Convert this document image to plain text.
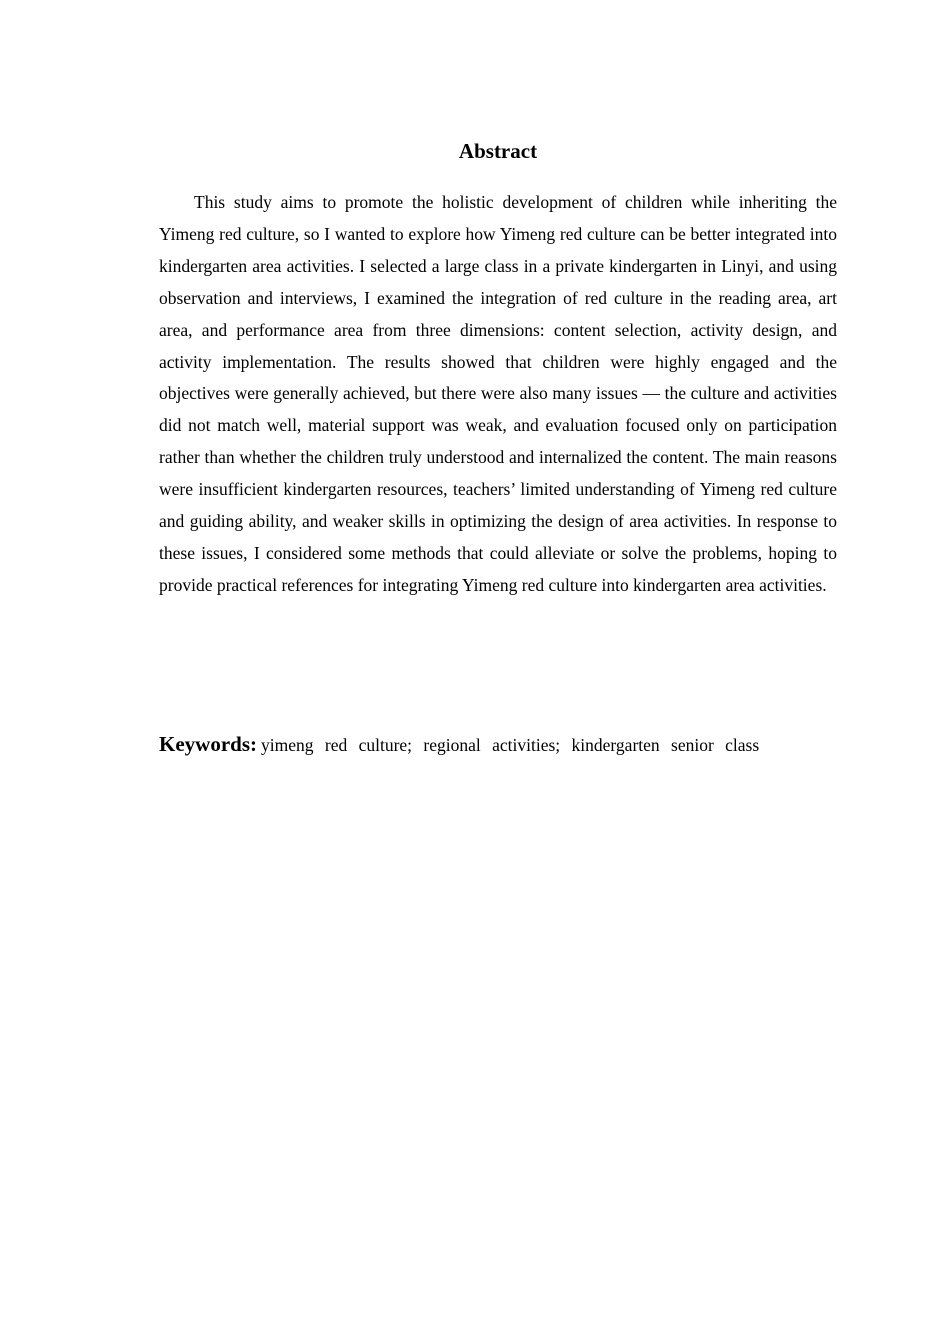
Abstract

This study aims to promote the holistic development of children while inheriting the Yimeng red culture, so I wanted to explore how Yimeng red culture can be better integrated into kindergarten area activities. I selected a large class in a private kindergarten in Linyi, and using observation and interviews, I examined the integration of red culture in the reading area, art area, and performance area from three dimensions: content selection, activity design, and activity implementation. The results showed that children were highly engaged and the objectives were generally achieved, but there were also many issues — the culture and activities did not match well, material support was weak, and evaluation focused only on participation rather than whether the children truly understood and internalized the content. The main reasons were insufficient kindergarten resources, teachers’ limited understanding of Yimeng red culture and guiding ability, and weaker skills in optimizing the design of area activities. In response to these issues, I considered some methods that could alleviate or solve the problems, hoping to provide practical references for integrating Yimeng red culture into kindergarten area activities.

Keywords: yimeng red culture; regional activities; kindergarten senior class
